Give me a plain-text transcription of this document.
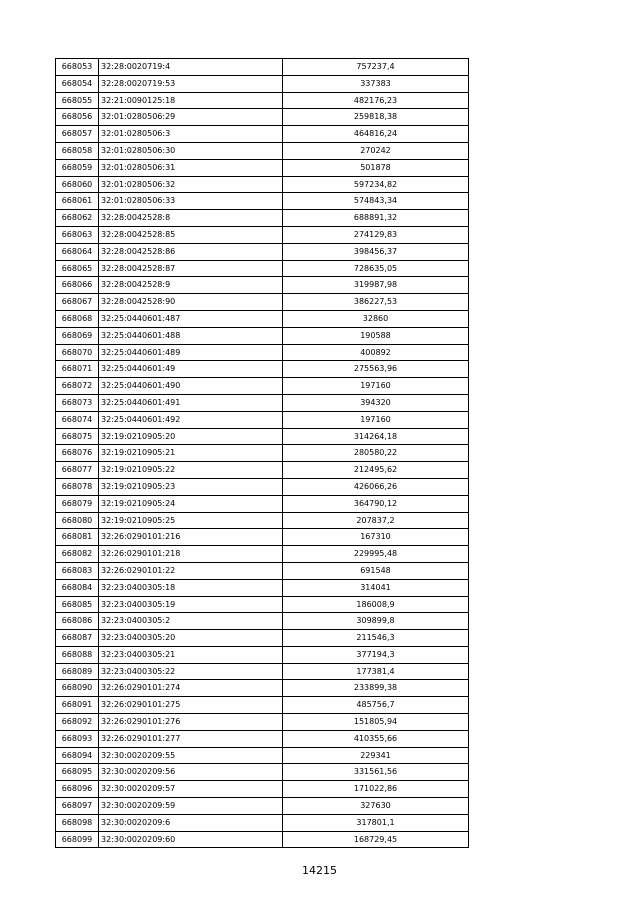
668053	32:28:0020719:4	757237,4
668054	32:28:0020719:53	337383
668055	32:21:0090125:18	482176,23
668056	32:01:0280506:29	259818,38
668057	32:01:0280506:3	464816,24
668058	32:01:0280506:30	270242
668059	32:01:0280506:31	501878
668060	32:01:0280506:32	597234,82
668061	32:01:0280506:33	574843,34
668062	32:28:0042528:8	688891,32
668063	32:28:0042528:85	274129,83
668064	32:28:0042528:86	398456,37
668065	32:28:0042528:87	728635,05
668066	32:28:0042528:9	319987,98
668067	32:28:0042528:90	386227,53
668068	32:25:0440601:487	32860
668069	32:25:0440601:488	190588
668070	32:25:0440601:489	400892
668071	32:25:0440601:49	275563,96
668072	32:25:0440601:490	197160
668073	32:25:0440601:491	394320
668074	32:25:0440601:492	197160
668075	32:19:0210905:20	314264,18
668076	32:19:0210905:21	280580,22
668077	32:19:0210905:22	212495,62
668078	32:19:0210905:23	426066,26
668079	32:19:0210905:24	364790,12
668080	32:19:0210905:25	207837,2
668081	32:26:0290101:216	167310
668082	32:26:0290101:218	229995,48
668083	32:26:0290101:22	691548
668084	32:23:0400305:18	314041
668085	32:23:0400305:19	186008,9
668086	32:23:0400305:2	309899,8
668087	32:23:0400305:20	211546,3
668088	32:23:0400305:21	377194,3
668089	32:23:0400305:22	177381,4
668090	32:26:0290101:274	233899,38
668091	32:26:0290101:275	485756,7
668092	32:26:0290101:276	151805,94
668093	32:26:0290101:277	410355,66
668094	32:30:0020209:55	229341
668095	32:30:0020209:56	331561,56
668096	32:30:0020209:57	171022,86
668097	32:30:0020209:59	327630
668098	32:30:0020209:6	317801,1
668099	32:30:0020209:60	168729,45
14215
